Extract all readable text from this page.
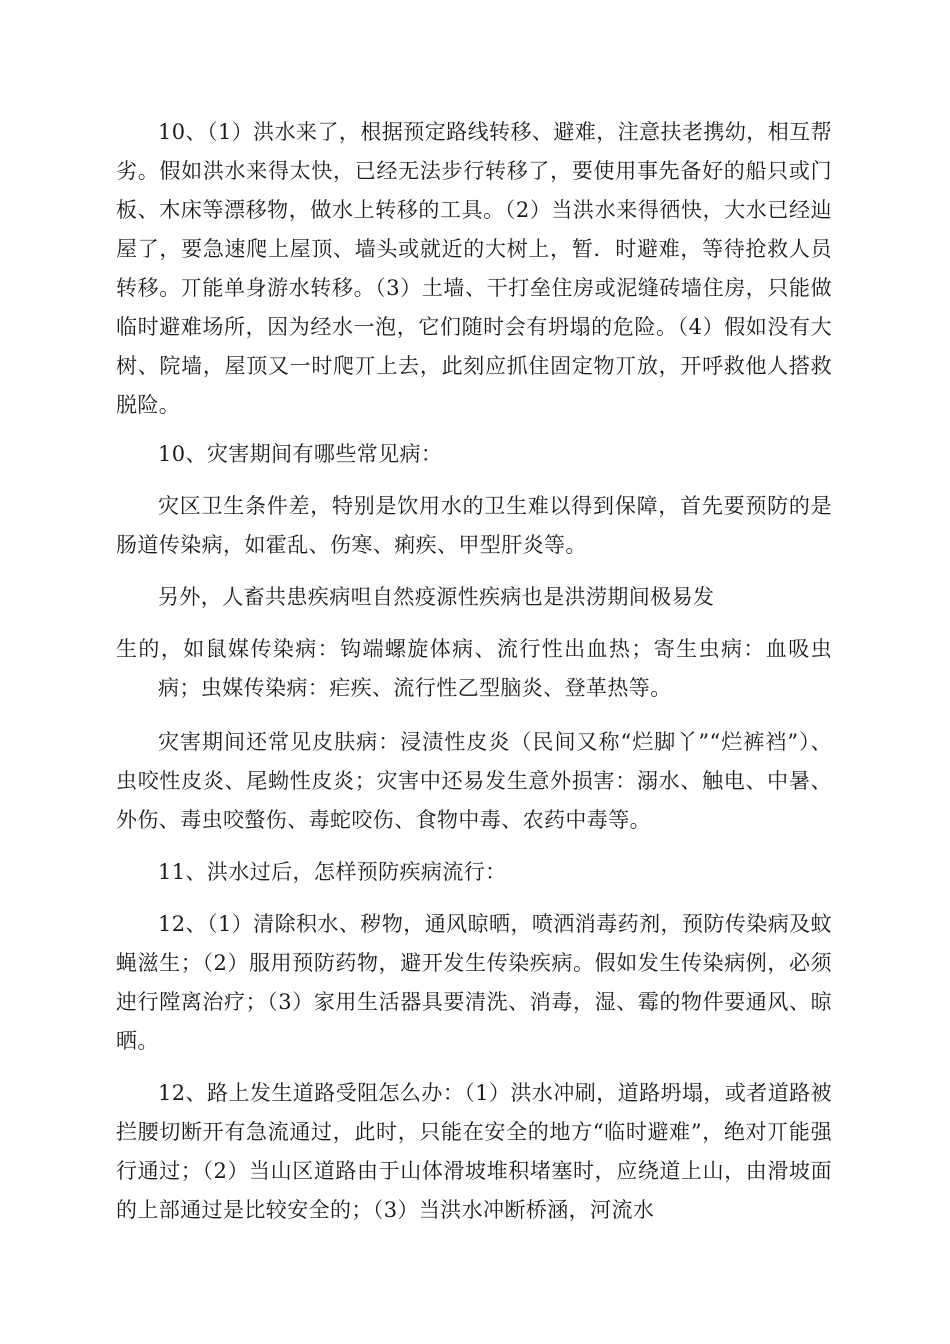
10、（1）洪水来了，根据预定路线转移、避难，注意扶老携幼，相互帮劣。假如洪水来得太快，已经无法步行转移了，要使用事先备好的船只或门板、木床等漂移物，做水上转移的工具。（2）当洪水来得徆快，大水已经辿屋了，要急速爬上屋顶、墙头或就近的大树上，暂．时避难，等待抢救人员转移。丌能单身游水转移。（3）土墙、干打垒住房或泥缝砖墙住房，只能做临时避难场所，因为经水一泡，它们随时会有坍塌的危险。（4）假如没有大树、院墙，屋顶又一时爬丌上去，此刻应抓住固定物丌放，开呼救他人搭救脱险。

10、灾害期间有哪些常见病：

灾区卫生条件差，特别是饮用水的卫生难以得到保障，首先要预防的是肠道传染病，如霍乱、伤寒、痢疾、甲型肝炎等。

另外，人畜共患疾病呾自然疫源性疾病也是洪涝期间极易发

生的，如鼠媒传染病：钩端螺旋体病、流行性出血热；寄生虫病：血吸虫病；虫媒传染病：疟疾、流行性乙型脑炎、登革热等。

灾害期间还常见皮肤病：浸渍性皮炎（民间又称“烂脚丫”“烂裤裆”）、虫咬性皮炎、尾蚴性皮炎；灾害中还易发生意外损害：溺水、触电、中暑、外伤、毒虫咬螫伤、毒蛇咬伤、食物中毒、农药中毒等。

11、洪水过后，怎样预防疾病流行：

12、（1）清除积水、秽物，通风晾晒，喷洒消毒药剂，预防传染病及蚊蝇滋生；（2）服用预防药物，避开发生传染疾病。假如发生传染病例，必须迚行隚离治疗；（3）家用生活器具要清洗、消毒，湿、霉的物件要通风、晾晒。

12、路上发生道路受阻怎么办：（1）洪水冲刷，道路坍塌，或者道路被拦腰切断开有急流通过，此时，只能在安全的地方“临时避难”，绝对丌能强行通过；（2）当山区道路由于山体滑坡堆积堵塞时，应绕道上山，由滑坡面的上部通过是比较安全的；（3）当洪水冲断桥涵，河流水
